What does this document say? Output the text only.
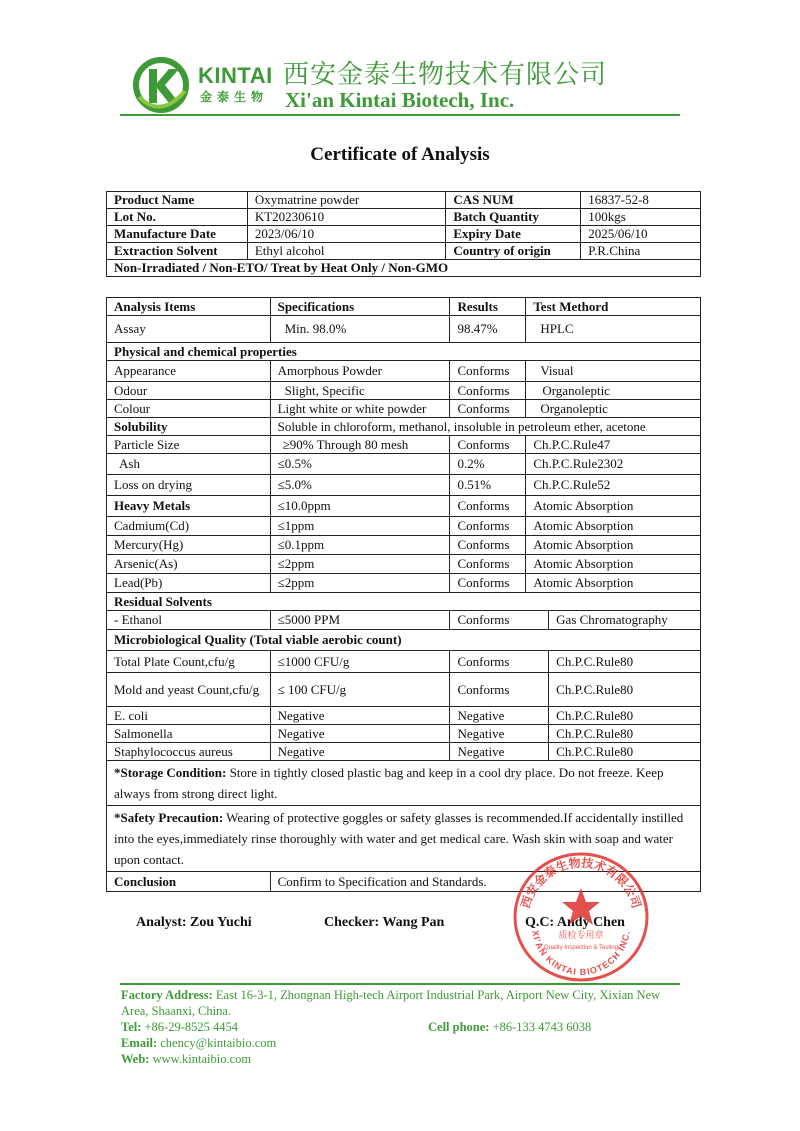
KINTAI
金泰生物
西安金泰生物技术有限公司
Xi'an Kintai Biotech, Inc.
Certificate of Analysis
Product Name	Oxymatrine powder	CAS NUM	16837-52-8
Lot No.	KT20230610	Batch Quantity	100kgs
Manufacture Date	2023/06/10	Expiry Date	2025/06/10
Extraction Solvent	Ethyl alcohol	Country of origin	P.R.China
Non-Irradiated / Non-ETO/ Treat by Heat Only / Non-GMO			
Analysis Items	Specifications	Results	Test Methord	
Assay	Min. 98.0%	98.47%	HPLC	
Physical and chemical properties				
Appearance	Amorphous Powder	Conforms	Visual	
Odour	Slight, Specific	Conforms	Organoleptic	
Colour	Light white or white powder	Conforms	Organoleptic	
Solubility	Soluble in chloroform, methanol, insoluble in petroleum ether, acetone			
Particle Size	≥90% Through 80 mesh	Conforms	Ch.P.C.Rule47	
Ash	≤0.5%	0.2%	Ch.P.C.Rule2302	
Loss on drying	≤5.0%	0.51%	Ch.P.C.Rule52	
Heavy Metals	≤10.0ppm	Conforms	Atomic Absorption	
Cadmium(Cd)	≤1ppm	Conforms	Atomic Absorption	
Mercury(Hg)	≤0.1ppm	Conforms	Atomic Absorption	
Arsenic(As)	≤2ppm	Conforms	Atomic Absorption	
Lead(Pb)	≤2ppm	Conforms	Atomic Absorption	
Residual Solvents				
- Ethanol	≤5000 PPM	Conforms		Gas Chromatography
Microbiological Quality (Total viable aerobic count)				
Total Plate Count,cfu/g	≤1000 CFU/g	Conforms		Ch.P.C.Rule80
Mold and yeast Count,cfu/g	≤ 100 CFU/g	Conforms		Ch.P.C.Rule80
E. coli	Negative	Negative		Ch.P.C.Rule80
Salmonella	Negative	Negative		Ch.P.C.Rule80
Staphylococcus aureus	Negative	Negative		Ch.P.C.Rule80
*Storage Condition: Store in tightly closed plastic bag and keep in a cool dry place. Do not freeze. Keep always from strong direct light.				
*Safety Precaution: Wearing of protective goggles or safety glasses is recommended.If accidentally instilled into the eyes,immediately rinse thoroughly with water and get medical care. Wash skin with soap and water upon contact.				
Conclusion	Confirm to Specification and Standards.			
Analyst: Zou Yuchi	Checker: Wang Pan	Q.C: Andy Chen
西安金泰生物技术有限公司
XI'AN KINTAI BIOTECH INC.
质检专用章
Quality Inspection & Testing
Factory Address: East 16-3-1, Zhongnan High-tech Airport Industrial Park, Airport New City, Xixian New Area, Shaanxi, China.
Tel: +86-29-8525 4454	Cell phone: +86-133 4743 6038
Email: chency@kintaibio.com
Web: www.kintaibio.com
